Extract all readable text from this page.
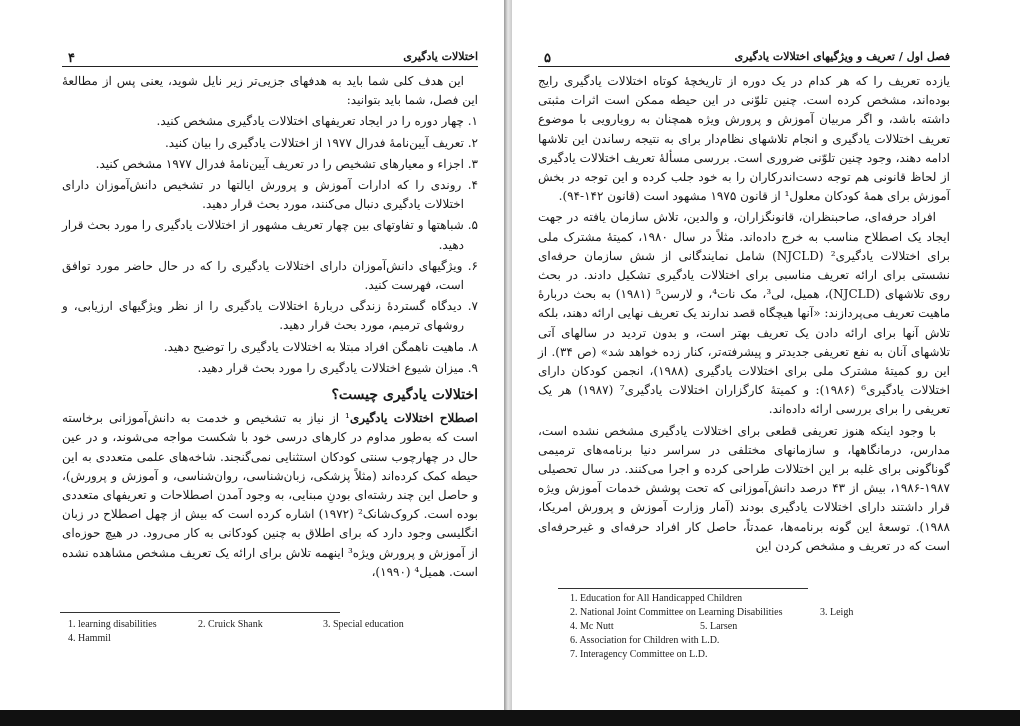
اختلالات یادگیری
۴

این هدف کلی شما باید به هدفهای جزیی‌تر زیر نایل شوید، یعنی پس از مطالعهٔ این فصل، شما باید بتوانید:

۱. چهار دوره را در ایجاد تعریفهای اختلالات یادگیری مشخص کنید.

۲. تعریف آیین‌نامهٔ فدرال ۱۹۷۷ از اختلالات یادگیری را بیان کنید.

۳. اجزاء و معیارهای تشخیص را در تعریف آیین‌نامهٔ فدرال ۱۹۷۷ مشخص کنید.

۴. روندی را که ادارات آموزش و پرورش ایالتها در تشخیص دانش‌آموزان دارای اختلالات یادگیری دنبال می‌کنند، مورد بحث قرار دهید.

۵. شباهتها و تفاوتهای بین چهار تعریف مشهور از اختلالات یادگیری را مورد بحث قرار دهید.

۶. ویژگیهای دانش‌آموزان دارای اختلالات یادگیری را که در حال حاضر مورد توافق است، فهرست کنید.

۷. دیدگاه گستردهٔ زندگی دربارهٔ اختلالات یادگیری را از نظر ویژگیهای ارزیابی، و روشهای ترمیم، مورد بحث قرار دهید.

۸. ماهیت ناهمگن افراد مبتلا به اختلالات یادگیری را توضیح دهید.

۹. میزان شیوع اختلالات یادگیری را مورد بحث قرار دهید.

اختلالات یادگیری چیست؟

اصطلاح اختلالات یادگیری¹ از نیاز به تشخیص و خدمت به دانش‌آموزانی برخاسته است که به‌طور مداوم در کارهای درسی خود با شکست مواجه می‌شوند، و در عین حال در چهارچوب سنتی کودکان استثنایی نمی‌گنجند. شاخه‌های علمی متعددی به این حیطه کمک کرده‌اند (مثلاً پزشکی، زبان‌شناسی، روان‌شناسی، و آموزش و پرورش)، و حاصل این چند رشته‌ای بودنِ مبنایی، به وجود آمدن اصطلاحات و تعریفهای متعددی بوده است. کروک‌شانک² (۱۹۷۲) اشاره کرده است که بیش از چهل اصطلاح در زبان انگلیسی وجود دارد که برای اطلاق به چنین کودکانی به کار می‌رود. در هیچ حوزه‌ای از آموزش و پرورش ویژه³ اینهمه تلاش برای ارائه یک تعریف مشخص مشاهده نشده است. همیل⁴ (۱۹۹۰)،

1. learning disabilities	2. Cruick Shank	3. Special education
4. Hammil
فصل اول / تعریف و ویژگیهای اختلالات یادگیری
۵

یازده تعریف را که هر کدام در یک دوره از تاریخچهٔ کوتاه اختلالات یادگیری رایج بوده‌اند، مشخص کرده است. چنین تلوّنی در این حیطه ممکن است اثرات مثبتی داشته باشد، و اگر مربیان آموزش و پرورش ویژه همچنان به رویارویی با موضوع تعریف اختلالات یادگیری و انجام تلاشهای نظام‌دار برای به نتیجه رساندن این تلاشها ادامه دهند، وجود چنین تلوّنی ضروری است. بررسی مسألهٔ تعریف اختلالات یادگیری از لحاظ قانونی هم توجه دست‌اندرکاران را به خود جلب کرده و این توجه در بخش آموزش برای همهٔ کودکان معلول¹ از قانون ۱۹۷۵ مشهود است (قانون ۱۴۲-۹۴).

افراد حرفه‌ای، صاحبنظران، قانونگزاران، و والدین، تلاش سازمان یافته در جهت ایجاد یک اصطلاح مناسب به خرج داده‌اند. مثلاً در سال ۱۹۸۰، کمیتهٔ مشترک ملی برای اختلالات یادگیری² (NJCLD) شامل نمایندگانی از شش سازمان حرفه‌ای نشستی برای ارائه تعریف مناسبی برای اختلالات یادگیری تشکیل دادند. در بحث روی تلاشهای (NJCLD)، همیل، لی³، مک نات⁴، و لارسن⁵ (۱۹۸۱) به بحث دربارهٔ ماهیت تعریف می‌پردازند: «آنها هیچگاه قصد ندارند یک تعریف نهایی ارائه دهند، بلکه تلاش آنها برای ارائه دادن یک تعریف بهتر است، و بدون تردید در سالهای آتی تلاشهای آنان به نفع تعریفی جدیدتر و پیشرفته‌تر، کنار زده خواهد شد» (ص ۳۴). از این رو کمیتهٔ مشترک ملی برای اختلالات یادگیری (۱۹۸۸)، انجمن کودکان دارای اختلالات یادگیری⁶ (۱۹۸۶): و کمیتهٔ کارگزاران اختلالات یادگیری⁷ (۱۹۸۷) هر یک تعریفی را برای بررسی ارائه داده‌اند.

با وجود اینکه هنوز تعریفی قطعی برای اختلالات یادگیری مشخص نشده است، مدارس، درمانگاهها، و سازمانهای مختلفی در سراسر دنیا برنامه‌های ترمیمی گوناگونی برای غلبه بر این اختلالات طراحی کرده و اجرا می‌کنند. در سال تحصیلی ۱۹۸۷-۱۹۸۶، بیش از ۴۳ درصد دانش‌آموزانی که تحت پوشش خدمات آموزش ویژه قرار داشتند دارای اختلالات یادگیری بودند (آمار وزارت آموزش و پرورش امریکا، ۱۹۸۸). توسعهٔ این گونه برنامه‌ها، عمدتاً، حاصل کار افراد حرفه‌ای و غیرحرفه‌ای است که در تعریف و مشخص کردن این

1. Education for All Handicapped Children
2. National Joint Committee on Learning Disabilities	3. Leigh
4. Mc Nutt	5. Larsen
6. Association for Children with L.D.
7. Interagency Committee on L.D.
